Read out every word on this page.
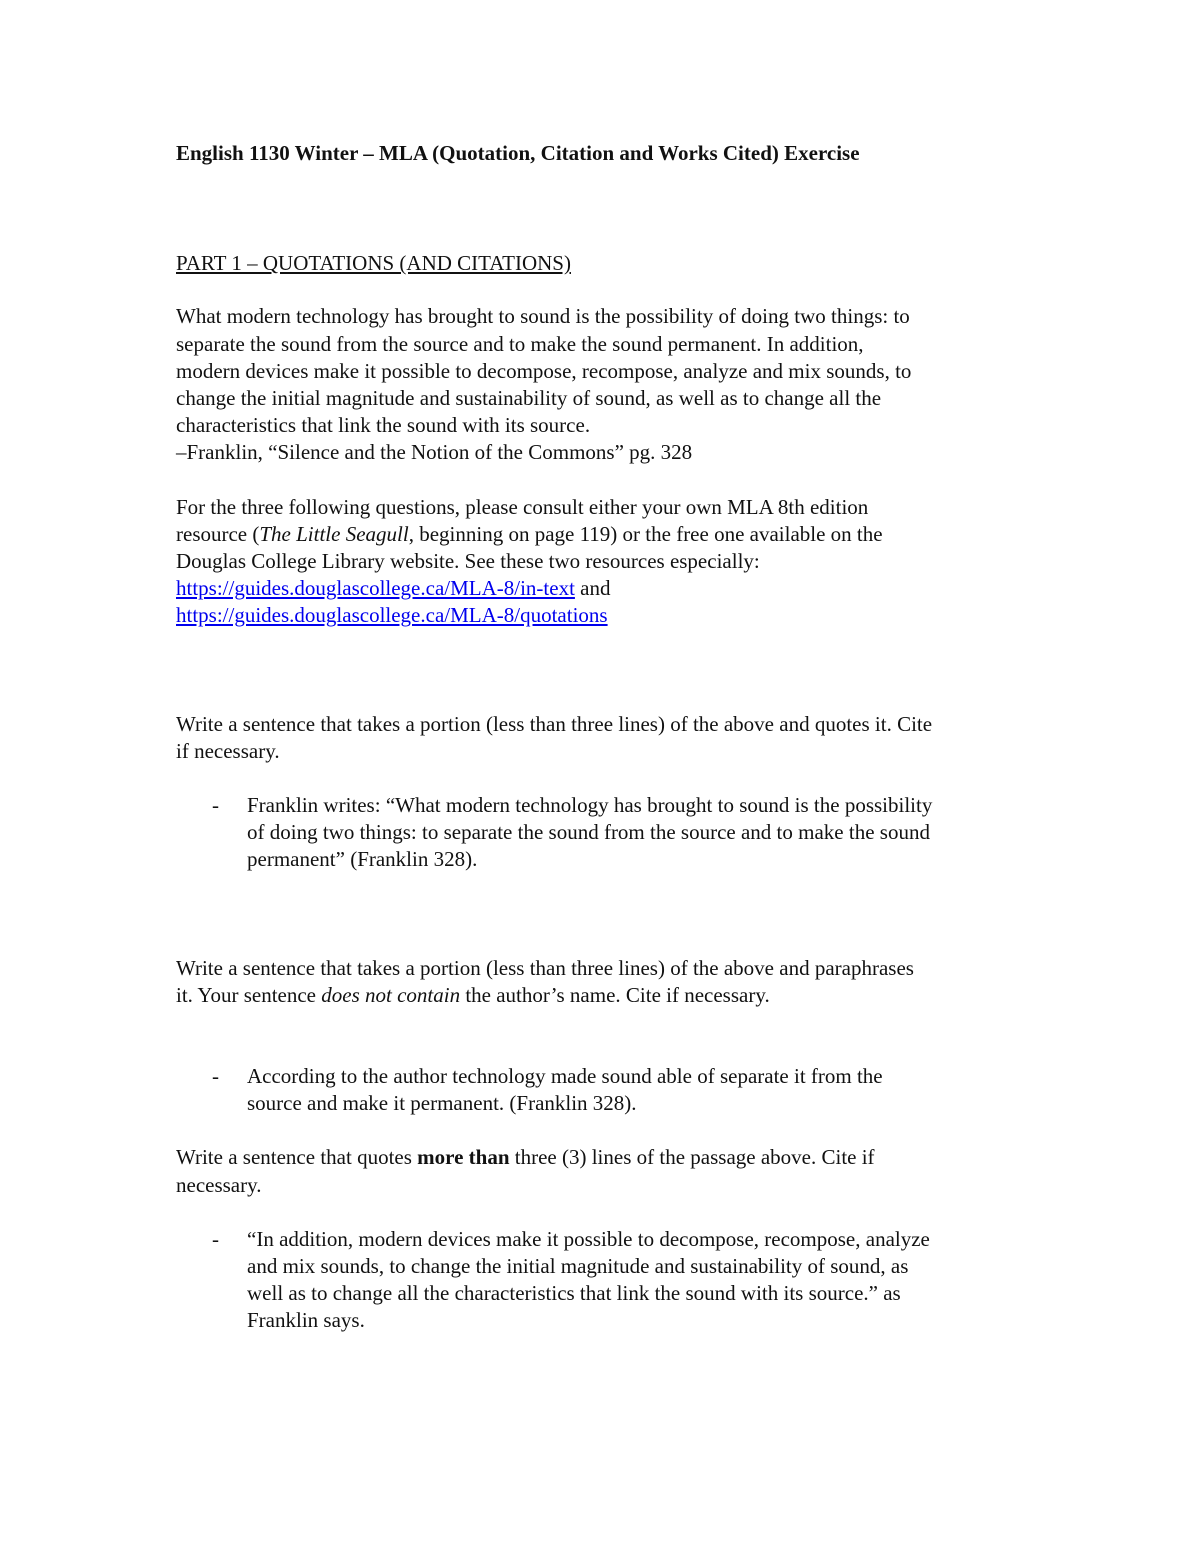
English 1130 Winter – MLA (Quotation, Citation and Works Cited) Exercise
PART 1 – QUOTATIONS (AND CITATIONS)
What modern technology has brought to sound is the possibility of doing two things: to
separate the sound from the source and to make the sound permanent. In addition,
modern devices make it possible to decompose, recompose, analyze and mix sounds, to
change the initial magnitude and sustainability of sound, as well as to change all the
characteristics that link the sound with its source.
–Franklin, “Silence and the Notion of the Commons” pg. 328
For the three following questions, please consult either your own MLA 8th edition
resource (The Little Seagull, beginning on page 119) or the free one available on the
Douglas College Library website. See these two resources especially:
https://guides.douglascollege.ca/MLA-8/in-text and
https://guides.douglascollege.ca/MLA-8/quotations
Write a sentence that takes a portion (less than three lines) of the above and quotes it. Cite
if necessary.
- Franklin writes: “What modern technology has brought to sound is the possibility
of doing two things: to separate the sound from the source and to make the sound
permanent” (Franklin 328).
Write a sentence that takes a portion (less than three lines) of the above and paraphrases
it. Your sentence does not contain the author’s name. Cite if necessary.
- According to the author technology made sound able of separate it from the
source and make it permanent. (Franklin 328).
Write a sentence that quotes more than three (3) lines of the passage above. Cite if
necessary.
- “In addition, modern devices make it possible to decompose, recompose, analyze
and mix sounds, to change the initial magnitude and sustainability of sound, as
well as to change all the characteristics that link the sound with its source.” as
Franklin says.
